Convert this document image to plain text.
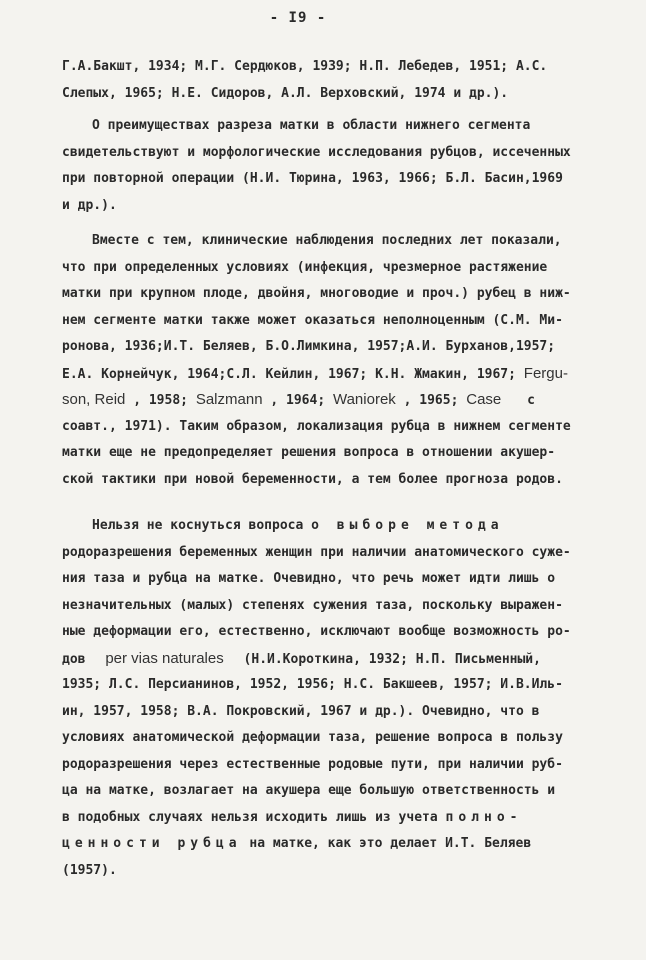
- I9 -
Г.А.Бакшт, 1934; М.Г. Сердюков, 1939; Н.П. Лебедев, 1951; А.С.
Слепых, 1965; Н.Е. Сидоров, А.Л. Верховский, 1974 и др.).
О преимуществах разреза матки в области нижнего сегмента
свидетельствуют и морфологические исследования рубцов, иссеченных
при повторной операции (Н.И. Тюрина, 1963, 1966; Б.Л. Басин,1969
и др.).
Вместе с тем, клинические наблюдения последних лет показали,
что при определенных условиях (инфекция, чрезмерное растяжение
матки при крупном плоде, двойня, многоводие и проч.) рубец в ниж-
нем сегменте матки также может оказаться неполноценным (С.М. Ми-
ронова, 1936;И.Т. Беляев, Б.О.Лимкина, 1957;А.И. Бурханов,1957;
Е.А. Корнейчук, 1964;С.Л. Кейлин, 1967; К.Н. Жмакин, 1967; Fergu-
son, Reid , 1958; Salzmann , 1964; Waniorek , 1965; Case с
соавт., 1971). Таким образом, локализация рубца в нижнем сегменте
матки еще не предопределяет решения вопроса в отношении акушер-
ской тактики при новой беременности, а тем более прогноза родов.
Нельзя не коснуться вопроса о выборе метода
родоразрешения беременных женщин при наличии анатомического суже-
ния таза и рубца на матке. Очевидно, что речь может идти лишь о
незначительных (малых) степенях сужения таза, поскольку выражен-
ные деформации его, естественно, исключают вообще возможность ро-
дов per vias naturales (Н.И.Короткина, 1932; Н.П. Письменный,
1935; Л.С. Персианинов, 1952, 1956; Н.С. Бакшеев, 1957; И.В.Иль-
ин, 1957, 1958; В.А. Покровский, 1967 и др.). Очевидно, что в
условиях анатомической деформации таза, решение вопроса в пользу
родоразрешения через естественные родовые пути, при наличии руб-
ца на матке, возлагает на акушера еще большую ответственность и
в подобных случаях нельзя исходить лишь из учета полно-
ценности рубца на матке, как это делает И.Т. Беляев
(1957).
